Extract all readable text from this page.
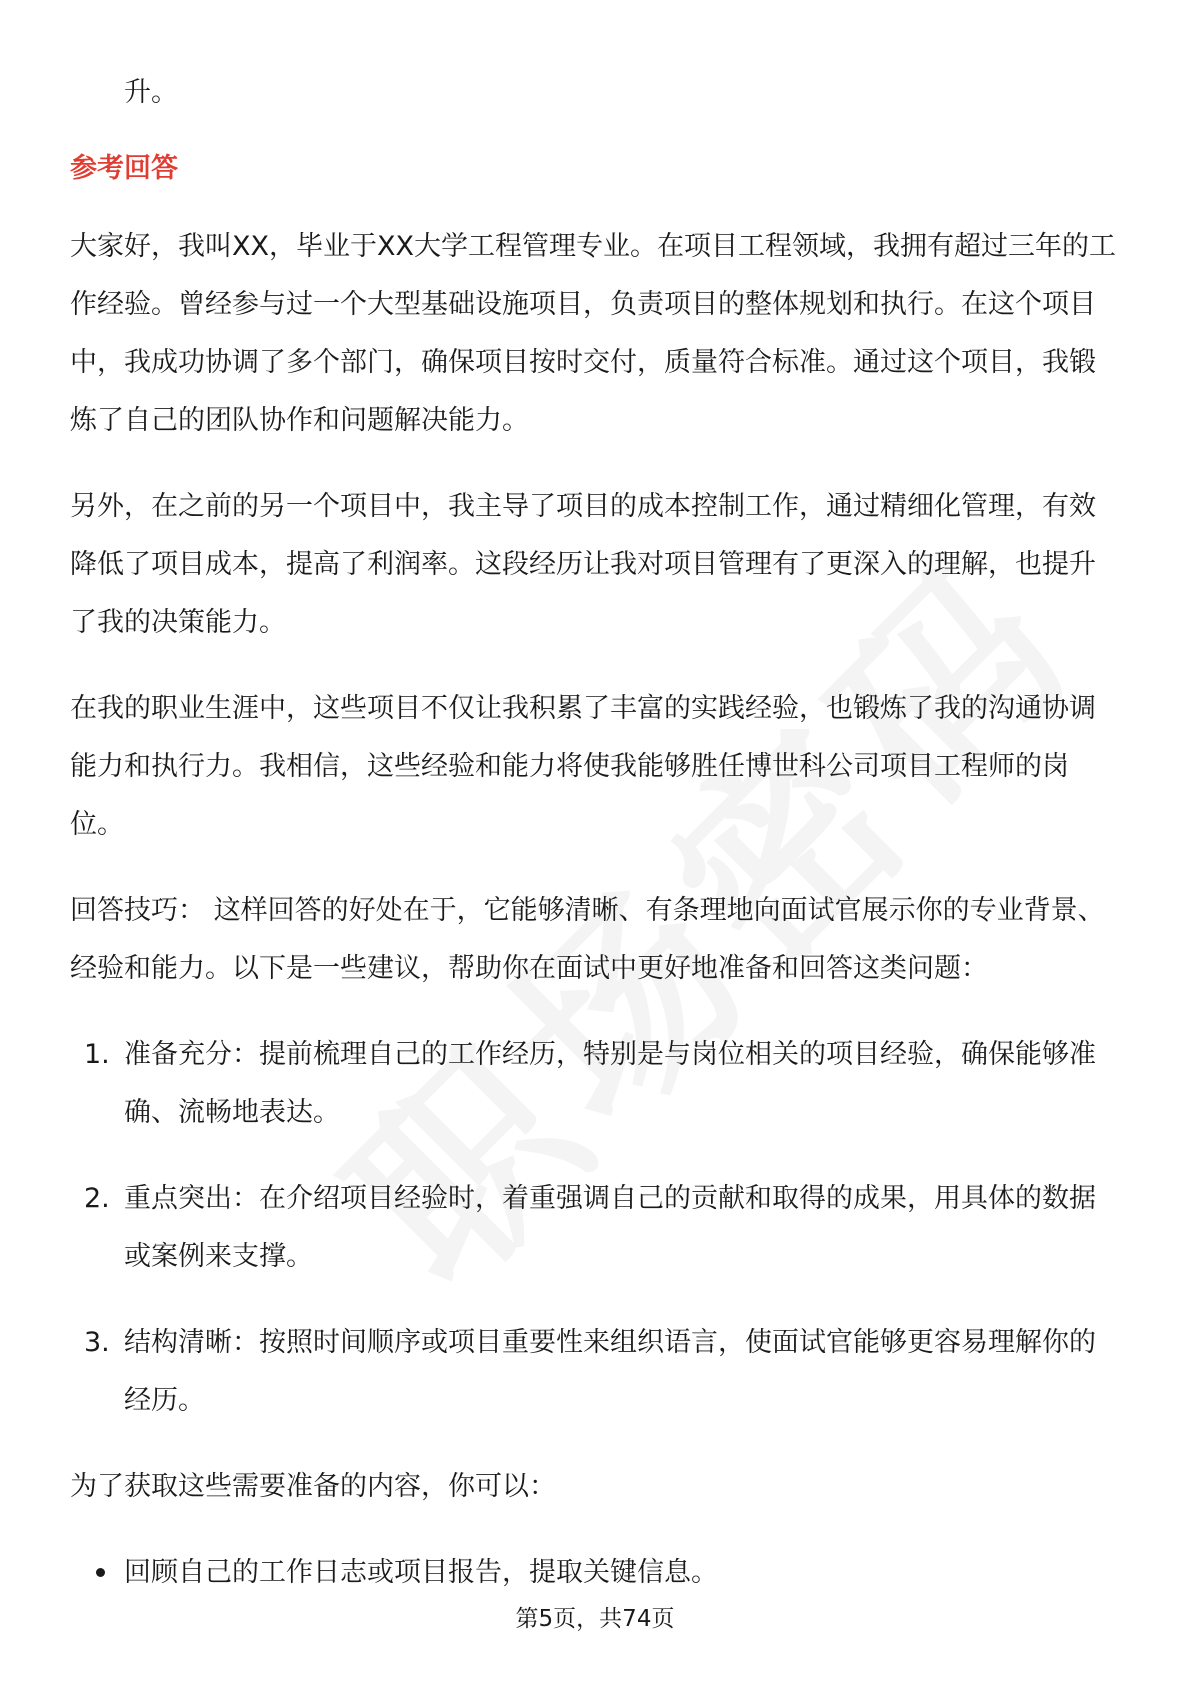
升。

参考回答

大家好，我叫XX，毕业于XX大学工程管理专业。在项目工程领域，我拥有超过三年的工作经验。曾经参与过一个大型基础设施项目，负责项目的整体规划和执行。在这个项目中，我成功协调了多个部门，确保项目按时交付，质量符合标准。通过这个项目，我锻炼了自己的团队协作和问题解决能力。

另外，在之前的另一个项目中，我主导了项目的成本控制工作，通过精细化管理，有效降低了项目成本，提高了利润率。这段经历让我对项目管理有了更深入的理解，也提升了我的决策能力。

在我的职业生涯中，这些项目不仅让我积累了丰富的实践经验，也锻炼了我的沟通协调能力和执行力。我相信，这些经验和能力将使我能够胜任博世科公司项目工程师的岗位。

回答技巧： 这样回答的好处在于，它能够清晰、有条理地向面试官展示你的专业背景、经验和能力。以下是一些建议，帮助你在面试中更好地准备和回答这类问题：

1. 准备充分：提前梳理自己的工作经历，特别是与岗位相关的项目经验，确保能够准确、流畅地表达。
2. 重点突出：在介绍项目经验时，着重强调自己的贡献和取得的成果，用具体的数据或案例来支撑。
3. 结构清晰：按照时间顺序或项目重要性来组织语言，使面试官能够更容易理解你的经历。

为了获取这些需要准备的内容，你可以：

回顾自己的工作日志或项目报告，提取关键信息。
第5页，共74页
